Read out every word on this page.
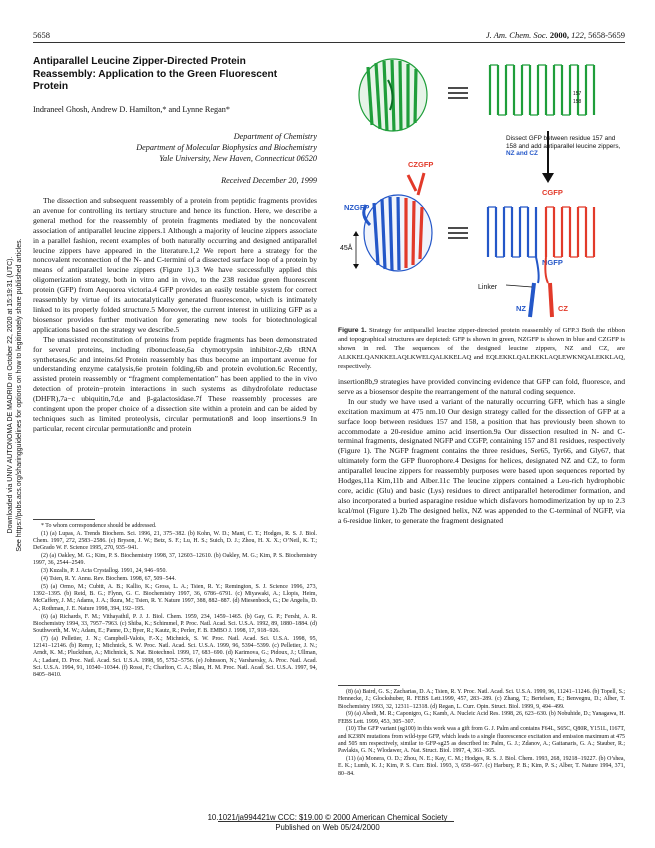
5658	J. Am. Chem. Soc. 2000, 122, 5658-5659
Downloaded via UNIV AUTONOMA DE MADRID on October 22, 2020 at 15:19:31 (UTC). See https://pubs.acs.org/sharingguidelines for options on how to legitimately share published articles.
Antiparallel Leucine Zipper-Directed Protein
Reassembly: Application to the Green Fluorescent
Protein
Indraneel Ghosh, Andrew D. Hamilton,* and Lynne Regan*
Department of Chemistry
Department of Molecular Biophysics and Biochemistry
Yale University, New Haven, Connecticut 06520
Received December 20, 1999

The dissection and subsequent reassembly of a protein from peptidic fragments provides an avenue for controlling its tertiary structure and hence its function. Here, we describe a general method for the reassembly of protein fragments mediated by the noncovalent association of antiparallel leucine zippers.1 Although a majority of leucine zippers associate in a parallel fashion, recent examples of both naturally occurring and designed antiparallel leucine zippers have appeared in the literature.1,2 We report here a strategy for the noncovalent reconnection of the N- and C-termini of a dissected surface loop of a protein by means of antiparallel leucine zippers (Figure 1).3 We have successfully applied this oligomerization strategy, both in vitro and in vivo, to the 238 residue green fluorescent protein (GFP) from Aequorea victoria.4 GFP provides an easily testable system for correct reassembly by virtue of its autocatalytically generated fluorescence, which is intimately linked to its properly folded structure.5 Moreover, the current interest in utilizing GFP as a biosensor provides further motivation for generating new tools for biotechnological applications based on the strategy we describe.5

The unassisted reconstitution of proteins from peptide fragments has been demonstrated for several proteins, including ribonuclease,6a chymotrypsin inhibitor-2,6b tRNA synthetases,6c and inteins.6d Protein reassembly has thus become an important avenue for understanding enzyme catalysis,6e protein folding,6b and protein evolution.6c Recently, assisted protein reassembly or “fragment complementation” has been applied to the in vivo detection of protein−protein interactions in such systems as dihydrofolate reductase (DHFR),7a−c ubiquitin,7d,e and β-galactosidase.7f These reassembly processes are contingent upon the proper choice of a dissection site within a protein and can be aided by techniques such as limited proteolysis, circular permutation8 and loop insertions.9 In particular, recent circular permutation8c and protein

* To whom correspondence should be addressed.

(1) (a) Lupas, A. Trends Biochem. Sci. 1996, 21, 375−382. (b) Kohn, W. D.; Mant, C. T.; Hodges, R. S. J. Biol. Chem. 1997, 272, 2583−2586. (c) Bryson, J. W.; Betz, S. F.; Lu, H. S.; Suich, D. J.; Zhou, H. X. X.; O’Neil, K. T.; DeGrado W. F. Science 1995, 270, 935−941.

(2) (a) Oakley, M. G.; Kim, P. S. Biochemistry 1998, 37, 12603−12610. (b) Oakley, M. G.; Kim, P. S. Biochemistry 1997, 36, 2544−2549.

(3) Kuzalis, P. J. Acta Crystallog. 1991, 24, 946−950.

(4) Tsien, R. Y. Annu. Rev. Biochem. 1998, 67, 509−544.

(5) (a) Ormo, M.; Cubitt, A. B.; Kallio, K.; Gross, L. A.; Tsien, R. Y.; Remington, S. J. Science 1996, 273, 1392−1395. (b) Reid, B. G.; Flynn, G. C. Biochemistry 1997, 36, 6786−6791. (c) Miyawaki, A.; Llopis, Heim, McCaffery, J. M.; Adams, J. A.; Ikura, M.; Tsien, R. Y. Nature 1997, 388, 882−887. (d) Miesenbock, G.; De Angelis, D. A.; Rothman, J. E. Nature 1998, 394, 192−195.

(6) (a) Richards, F. M.; Vithayathil, P. J. J. Biol. Chem. 1959, 234, 1459−1465. (b) Gay, G. P.; Fersht, A. R. Biochemistry 1994, 33, 7957−7963. (c) Shiba, K.; Schimmel, P. Proc. Natl. Acad. Sci. U.S.A. 1992, 89, 1880−1884. (d) Southworth, M. W.; Adam, E.; Panne, D.; Byer, R.; Kautz, R.; Perler, F. B. EMBO J. 1998, 17, 918−926.

(7) (a) Pelletier, J. N.; Campbell-Valois, F.-X.; Michnick, S. W. Proc. Natl. Acad. Sci. U.S.A. 1998, 95, 12141−12146. (b) Remy, I.; Michnick, S. W. Proc. Natl. Acad. Sci. U.S.A. 1999, 96, 5394−5399. (c) Pelletier, J. N.; Arndt, K. M.; Pluckthun, A.; Michnick, S. Nat. Biotechnol. 1999, 17, 683−690. (d) Karimova, G.; Pidoux, J.; Ullman, A.; Ladant, D. Proc. Natl. Acad. Sci. U.S.A. 1998, 95, 5752−5756. (e) Johnsson, N.; Varshavsky, A. Proc. Natl. Acad. Sci. U.S.A. 1994, 91, 10340−10344. (f) Rossi, F.; Charlton, C. A.; Blau, H. M. Proc. Natl. Acad. Sci. U.S.A. 1997, 94, 8405−8410.

157
158
Dissect GFP between residue 157 and 158 and add antiparallel leucine zippers, NZ and CZ
CZGFP
NZGFP
45Å
CGFP
NGFP
Linker
NZ	CZ
Figure 1. Strategy for antiparallel leucine zipper-directed protein reassembly of GFP.3 Both the ribbon and topographical structures are depicted: GFP is shown in green, NZGFP is shown in blue and CZGFP is shown in red. The sequences of the designed leucine zippers, NZ and CZ, are ALKKELQANKKELAQLKWELQALKKELAQ and EQLEKKLQALEKKLAQLEWKNQALEKKLAQ, respectively.

insertion8b,9 strategies have provided convincing evidence that GFP can fold, fluoresce, and serve as a biosensor despite the rearrangement of the natural coding sequence.

In our study we have used a variant of the naturally occurring GFP, which has a single excitation maximum at 475 nm.10 Our design strategy called for the dissection of GFP at a surface loop between residues 157 and 158, a position that has previously been shown to accommodate a 20-residue amino acid insertion.9a Our dissection resulted in N- and C-terminal fragments, designated NGFP and CGFP, containing 157 and 81 residues, respectively (Figure 1). The NGFP fragment contains the three residues, Ser65, Tyr66, and Gly67, that ultimately form the GFP fluorophore.4 Designs for helices, designated NZ and CZ, to form antiparallel leucine zippers for reassembly purposes were based upon sequences reported by Hodges,11a Kim,11b and Alber.11c The leucine zippers contained a Leu-rich hydrophobic core, acidic (Glu) and basic (Lys) residues to direct antiparallel heterodimer formation, and also incorporated a buried asparagine residue which disfavors homodimerization by up to 2.3 kcal/mol (Figure 1).2b The designed helix, NZ was appended to the C-terminal of NGFP, via a 6-residue linker, to generate the fragment designated

(8) (a) Baird, G. S.; Zacharias, D. A.; Tsien, R. Y. Proc. Natl. Acad. Sci. U.S.A. 1999, 96, 11241−11246. (b) Topell, S.; Hennecke, J.; Glockshuber, R. FEBS Lett.1999, 457, 283−289. (c) Zhang, T.; Bertelsen, E.; Benvegnu, D.; Alber, T. Biochemistry 1993, 32, 12311−12318. (d) Regan, L. Curr. Opin. Struct. Biol. 1999, 9, 494−499.

(9) (a) Abedi, M. R.; Caponigro, G.; Kamb, A. Nucleic Acid Res. 1998, 26, 623−630. (b) Nobuhide, D.; Yanagawa, H. FEBS Lett. 1999, 453, 305−307.

(10) The GFP variant (sg100) in this work was a gift from G. J. Palm and contains F64L, S65C, Q80R, Y151L, I167T, and K238N mutations from wild-type GFP, which leads to a single fluorescence excitation and emission maximum at 475 and 505 nm respectively, similar to GFP-sg25 as described in: Palm, G. J.; Zdanov, A.; Gaitanaris, G. A.; Stauber, R.; Pavlakis, G. N.; Wlodawer, A. Nat. Struct. Biol. 1997, 4, 361−365.

(11) (a) Monera, O. D.; Zhou, N. E.; Kay, C. M.; Hodges, R. S. J. Biol. Chem. 1993, 268, 19218−19227. (b) O’shea, E. K.; Lumb, K. J.; Kim, P. S. Curr. Biol. 1993, 3, 658−667. (c) Harbury, P. B.; Kim, P. S.; Alber, T. Nature 1994, 371, 80−84.

10.1021/ja994421w CCC: $19.00 © 2000 American Chemical Society
Published on Web 05/24/2000
